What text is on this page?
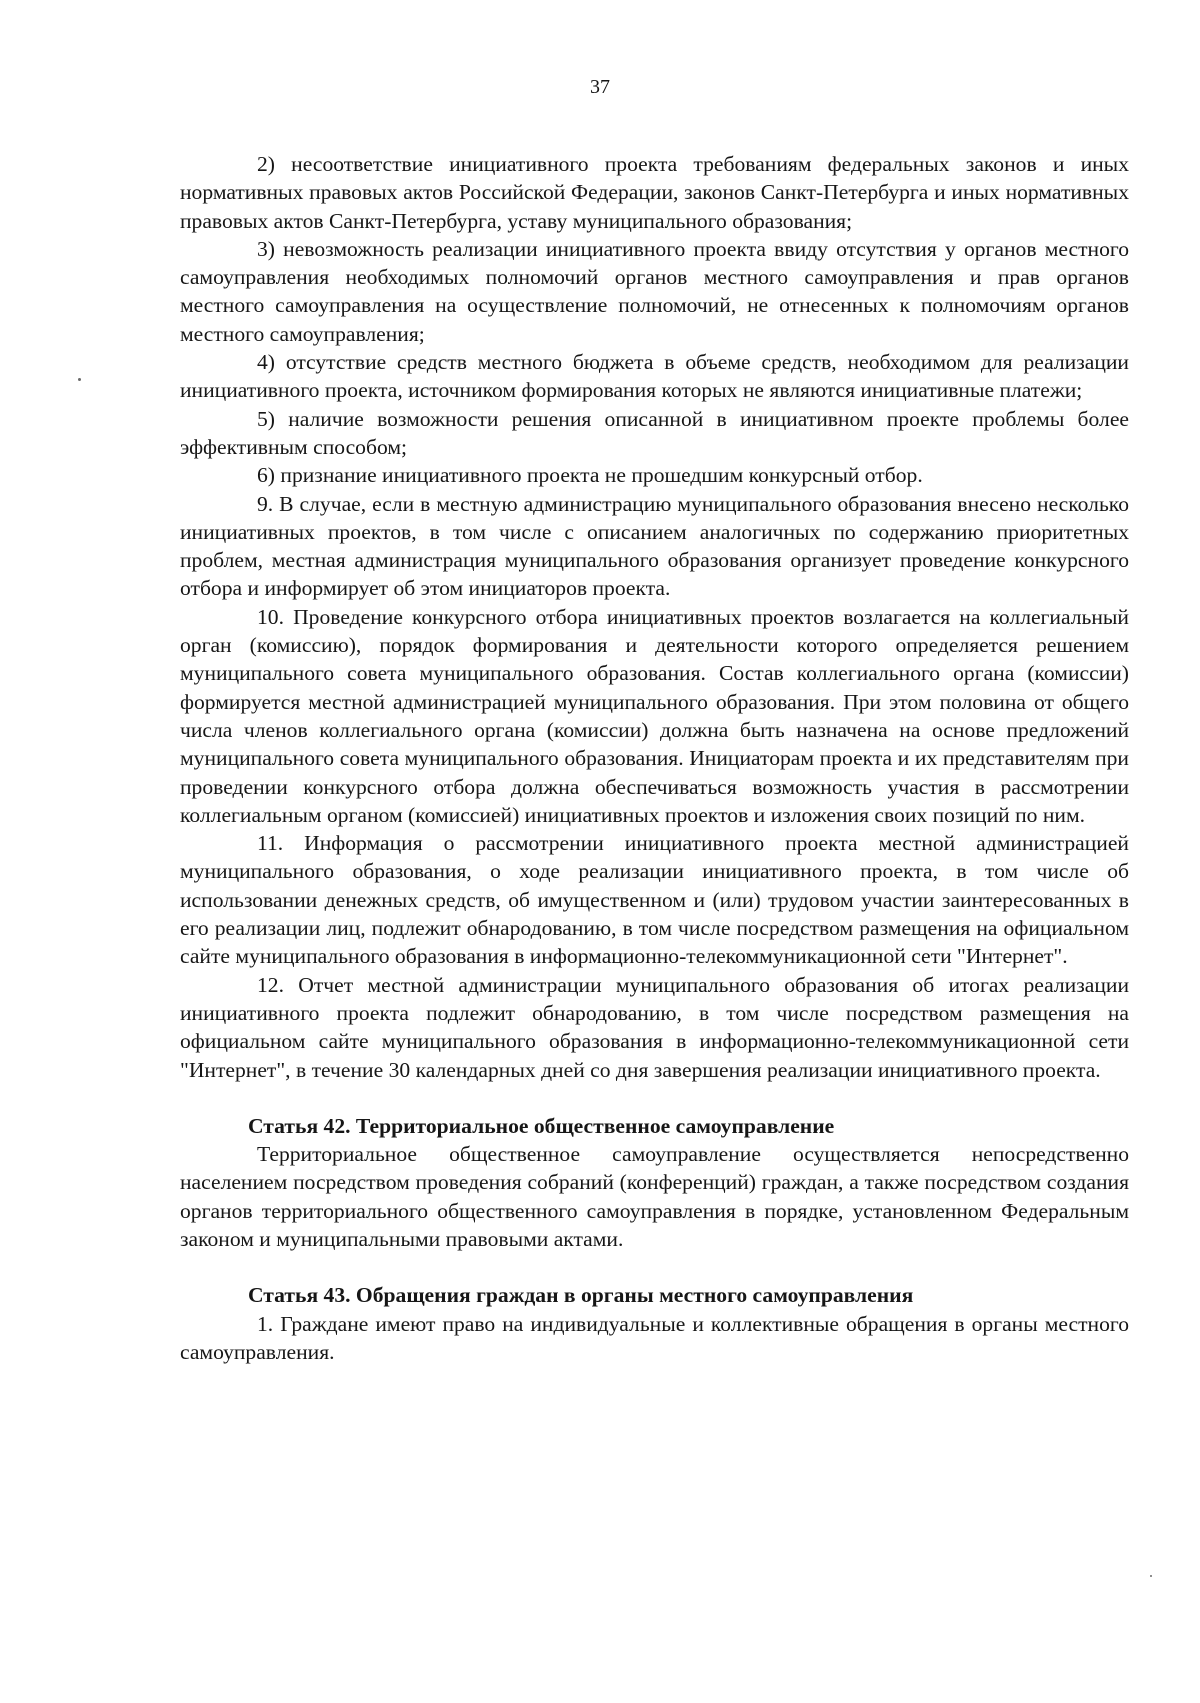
37

2) несоответствие инициативного проекта требованиям федеральных законов и иных нормативных правовых актов Российской Федерации, законов Санкт-Петербурга и иных нормативных правовых актов Санкт-Петербурга, уставу муниципального образования;

3) невозможность реализации инициативного проекта ввиду отсутствия у органов местного самоуправления необходимых полномочий органов местного самоуправления и прав органов местного самоуправления на осуществление полномочий, не отнесенных к полномочиям органов местного самоуправления;

4) отсутствие средств местного бюджета в объеме средств, необходимом для реализации инициативного проекта, источником формирования которых не являются инициативные платежи;

5) наличие возможности решения описанной в инициативном проекте проблемы более эффективным способом;

6) признание инициативного проекта не прошедшим конкурсный отбор.

9. В случае, если в местную администрацию муниципального образования внесено несколько инициативных проектов, в том числе с описанием аналогичных по содержанию приоритетных проблем, местная администрация муниципального образования организует проведение конкурсного отбора и информирует об этом инициаторов проекта.

10. Проведение конкурсного отбора инициативных проектов возлагается на коллегиальный орган (комиссию), порядок формирования и деятельности которого определяется решением муниципального совета муниципального образования. Состав коллегиального органа (комиссии) формируется местной администрацией муниципального образования. При этом половина от общего числа членов коллегиального органа (комиссии) должна быть назначена на основе предложений муниципального совета муниципального образования. Инициаторам проекта и их представителям при проведении конкурсного отбора должна обеспечиваться возможность участия в рассмотрении коллегиальным органом (комиссией) инициативных проектов и изложения своих позиций по ним.

11. Информация о рассмотрении инициативного проекта местной администрацией муниципального образования, о ходе реализации инициативного проекта, в том числе об использовании денежных средств, об имущественном и (или) трудовом участии заинтересованных в его реализации лиц, подлежит обнародованию, в том числе посредством размещения на официальном сайте муниципального образования в информационно-телекоммуникационной сети "Интернет".

12. Отчет местной администрации муниципального образования об итогах реализации инициативного проекта подлежит обнародованию, в том числе посредством размещения на официальном сайте муниципального образования в информационно-телекоммуникационной сети "Интернет", в течение 30 календарных дней со дня завершения реализации инициативного проекта.

Статья 42. Территориальное общественное самоуправление

Территориальное общественное самоуправление осуществляется непосредственно населением посредством проведения собраний (конференций) граждан, а также посредством создания органов территориального общественного самоуправления в порядке, установленном Федеральным законом и муниципальными правовыми актами.

Статья 43. Обращения граждан в органы местного самоуправления

1. Граждане имеют право на индивидуальные и коллективные обращения в органы местного самоуправления.
